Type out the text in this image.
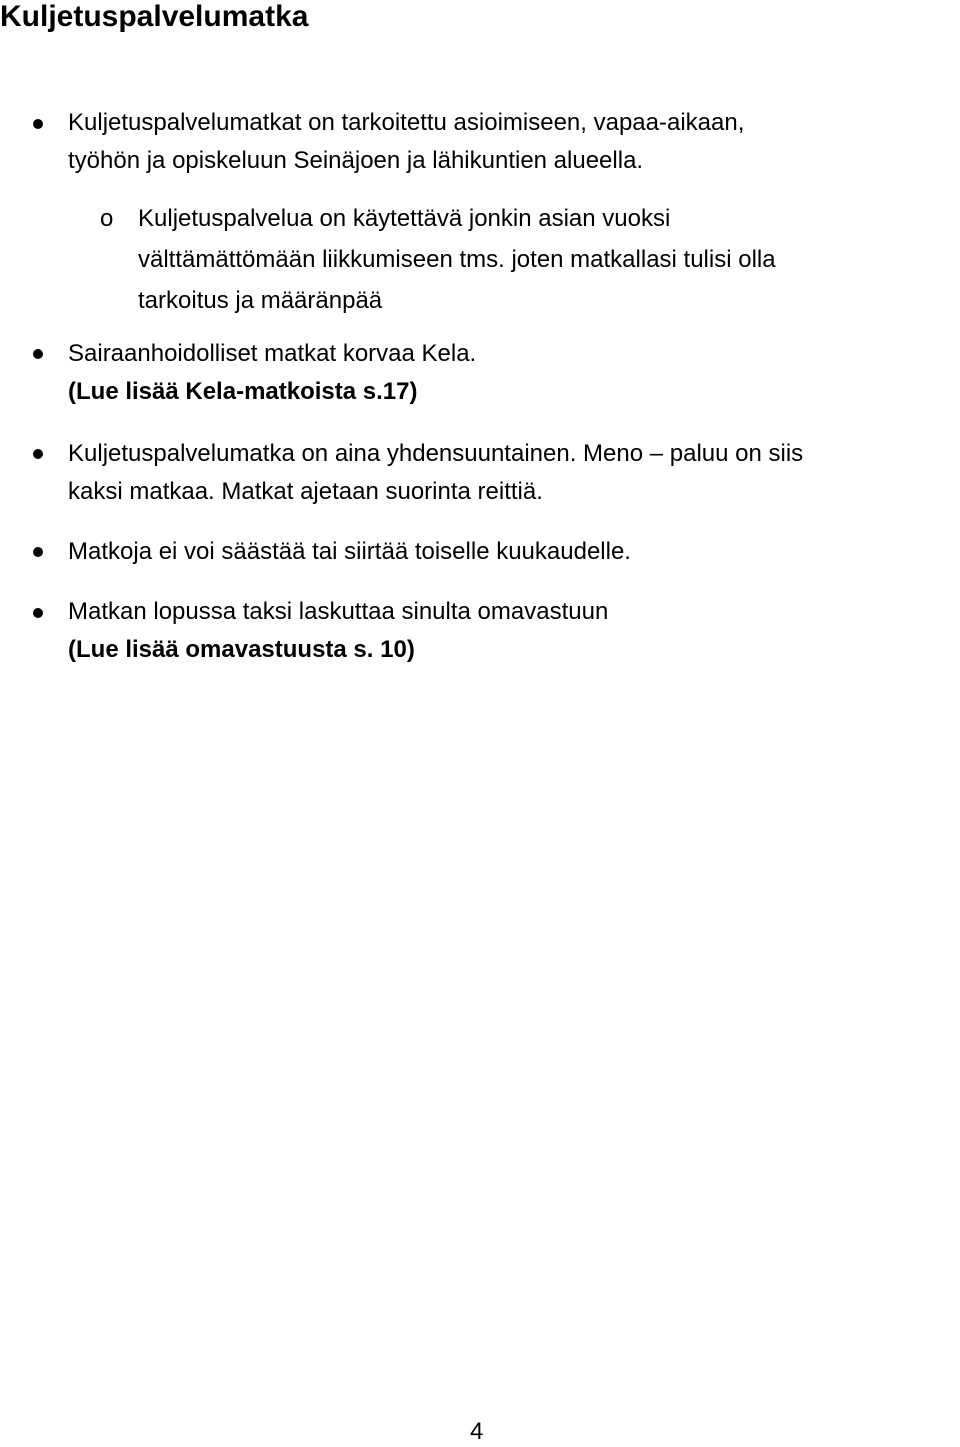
Kuljetuspalvelumatka
Kuljetuspalvelumatkat on tarkoitettu asioimiseen, vapaa-aikaan,
työhön ja opiskeluun Seinäjoen ja lähikuntien alueella.
o Kuljetuspalvelua on käytettävä jonkin asian vuoksi
välttämättömään liikkumiseen tms. joten matkallasi tulisi olla
tarkoitus ja määränpää
Sairaanhoidolliset matkat korvaa Kela.
(Lue lisää Kela-matkoista s.17)
Kuljetuspalvelumatka on aina yhdensuuntainen. Meno – paluu on siis
kaksi matkaa. Matkat ajetaan suorinta reittiä.
Matkoja ei voi säästää tai siirtää toiselle kuukaudelle.
Matkan lopussa taksi laskuttaa sinulta omavastuun
(Lue lisää omavastuusta s. 10)
4
